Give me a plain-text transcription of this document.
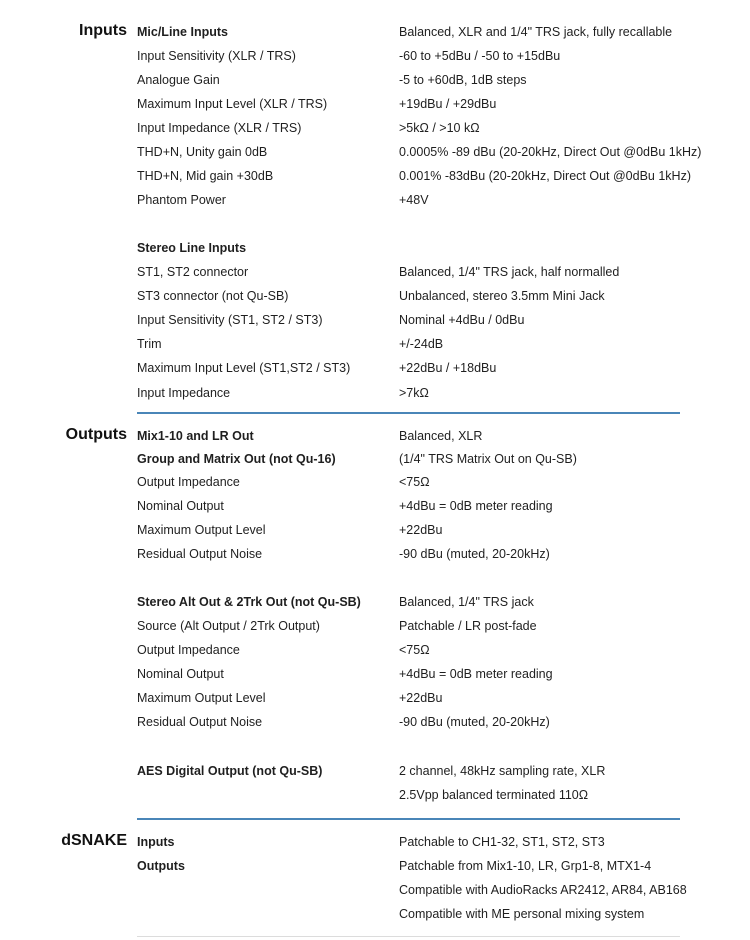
Inputs Mic/Line Inputs	Balanced, XLR and 1/4" TRS jack, fully recallable
Input Sensitivity (XLR / TRS)	-60 to +5dBu / -50 to +15dBu
Analogue Gain	-5 to +60dB, 1dB steps
Maximum Input Level (XLR / TRS)	+19dBu / +29dBu
Input Impedance (XLR / TRS)	>5kΩ / >10 kΩ
THD+N, Unity gain 0dB	0.0005% -89 dBu (20-20kHz, Direct Out @0dBu 1kHz)
THD+N, Mid gain +30dB	0.001% -83dBu (20-20kHz, Direct Out @0dBu 1kHz)
Phantom Power	+48V
Stereo Line Inputs
ST1, ST2 connector	Balanced, 1/4" TRS jack, half normalled
ST3 connector (not Qu-SB)	Unbalanced, stereo 3.5mm Mini Jack
Input Sensitivity (ST1, ST2 / ST3)	Nominal +4dBu / 0dBu
Trim	+/-24dB
Maximum Input Level (ST1,ST2 / ST3)	+22dBu / +18dBu
Input Impedance	>7kΩ
Outputs Mix1-10 and LR Out	Balanced, XLR
Group and Matrix Out (not Qu-16)	(1/4" TRS Matrix Out on Qu-SB)
Output Impedance	<75Ω
Nominal Output	+4dBu = 0dB meter reading
Maximum Output Level	+22dBu
Residual Output Noise	-90 dBu (muted, 20-20kHz)
Stereo Alt Out & 2Trk Out (not Qu-SB)	Balanced, 1/4" TRS jack
Source (Alt Output / 2Trk Output)	Patchable / LR post-fade
Output Impedance	<75Ω
Nominal Output	+4dBu = 0dB meter reading
Maximum Output Level	+22dBu
Residual Output Noise	-90 dBu (muted, 20-20kHz)
AES Digital Output (not Qu-SB)	2 channel, 48kHz sampling rate, XLR
2.5Vpp balanced terminated 110Ω
dSNAKE Inputs	Patchable to CH1-32, ST1, ST2, ST3
Outputs	Patchable from Mix1-10, LR, Grp1-8, MTX1-4
Compatible with AudioRacks AR2412, AR84, AB168
Compatible with ME personal mixing system
